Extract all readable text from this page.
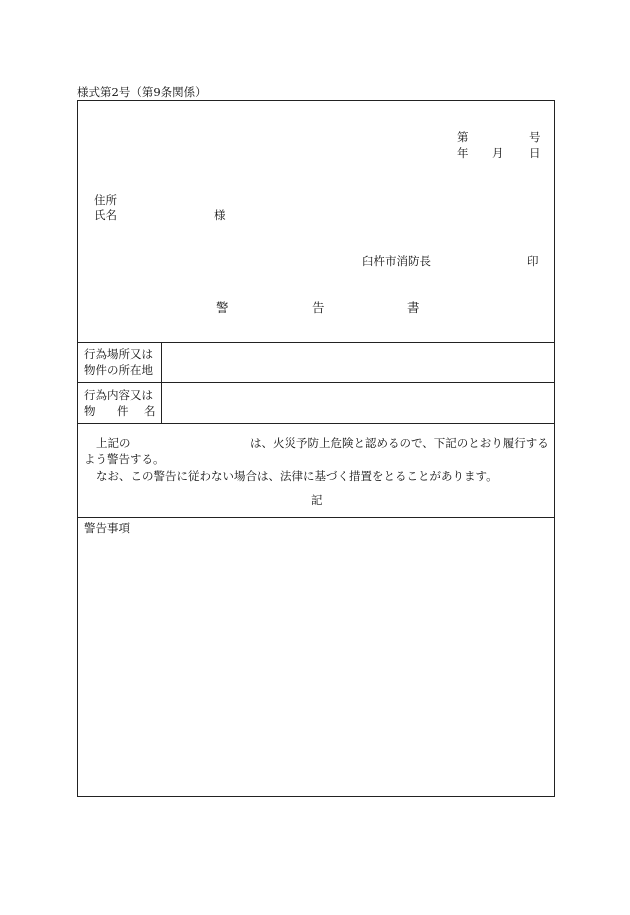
様式第2号（第9条関係）
第	号
年 月 日
住所
氏名	様
臼杵市消防長	印
警	告	書
行為場所又は
物件の所在地
行為内容又は
物 件 名
上記の	は、火災予防上危険と認めるので、下記のとおり履行する
よう警告する。
なお、この警告に従わない場合は、法律に基づく措置をとることがあります。
記
警告事項
